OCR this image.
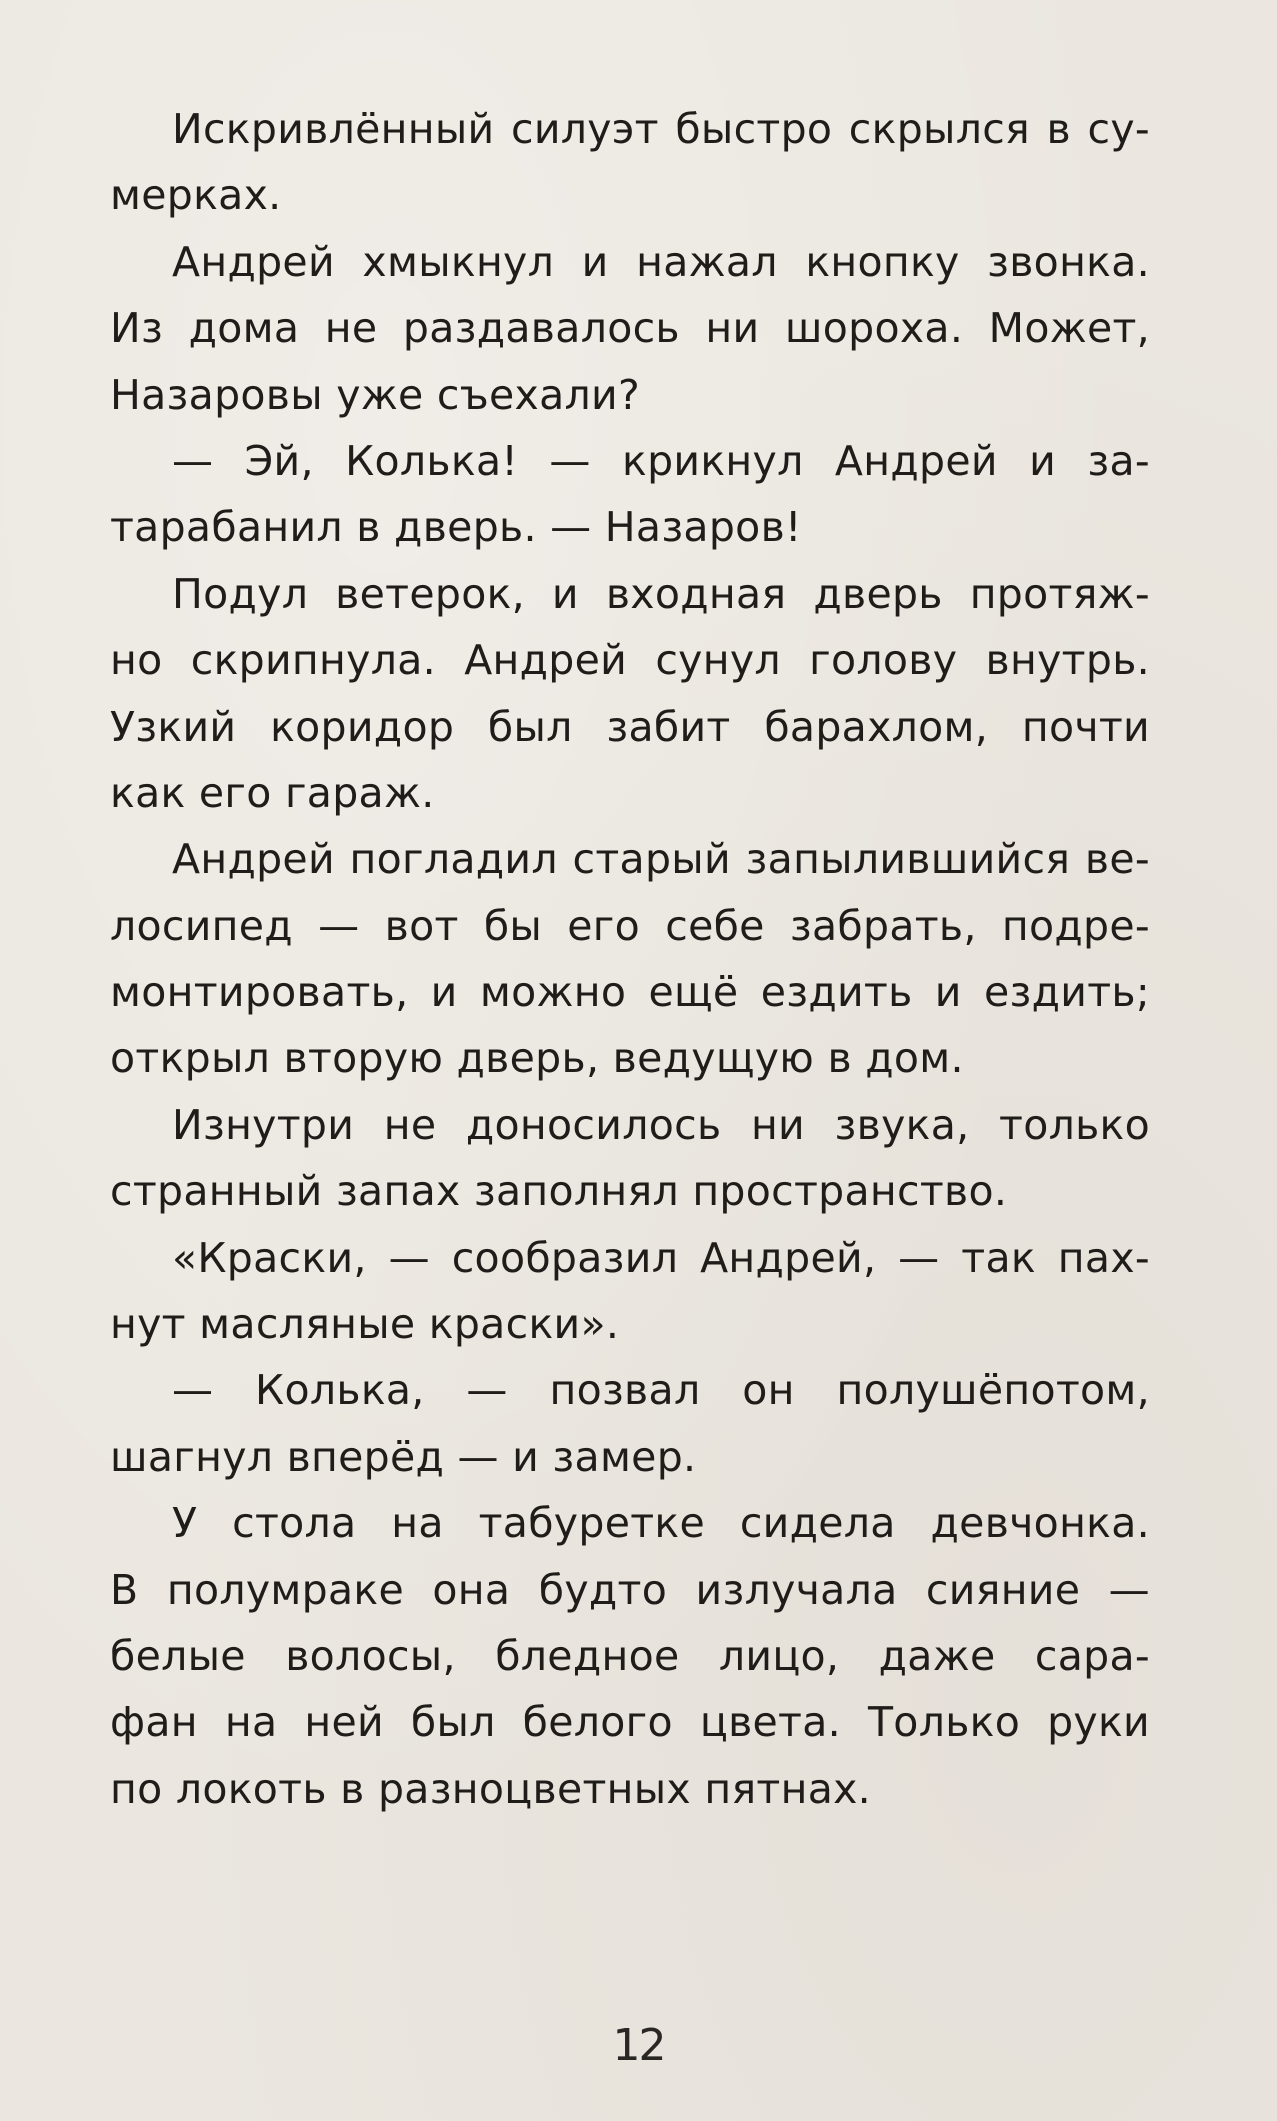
Искривлённый силуэт быстро скрылся в су-
мерках.
Андрей хмыкнул и нажал кнопку звонка.
Из дома не раздавалось ни шороха. Может,
Назаровы уже съехали?
— Эй, Колька! — крикнул Андрей и за-
тарабанил в дверь. — Назаров!
Подул ветерок, и входная дверь протяж-
но скрипнула. Андрей сунул голову внутрь.
Узкий коридор был забит барахлом, почти
как его гараж.
Андрей погладил старый запылившийся ве-
лосипед — вот бы его себе забрать, подре-
монтировать, и можно ещё ездить и ездить;
открыл вторую дверь, ведущую в дом.
Изнутри не доносилось ни звука, только
странный запах заполнял пространство.
«Краски, — сообразил Андрей, — так пах-
нут масляные краски».
— Колька, — позвал он полушёпотом,
шагнул вперёд — и замер.
У стола на табуретке сидела девчонка.
В полумраке она будто излучала сияние —
белые волосы, бледное лицо, даже сара-
фан на ней был белого цвета. Только руки
по локоть в разноцветных пятнах.
12
